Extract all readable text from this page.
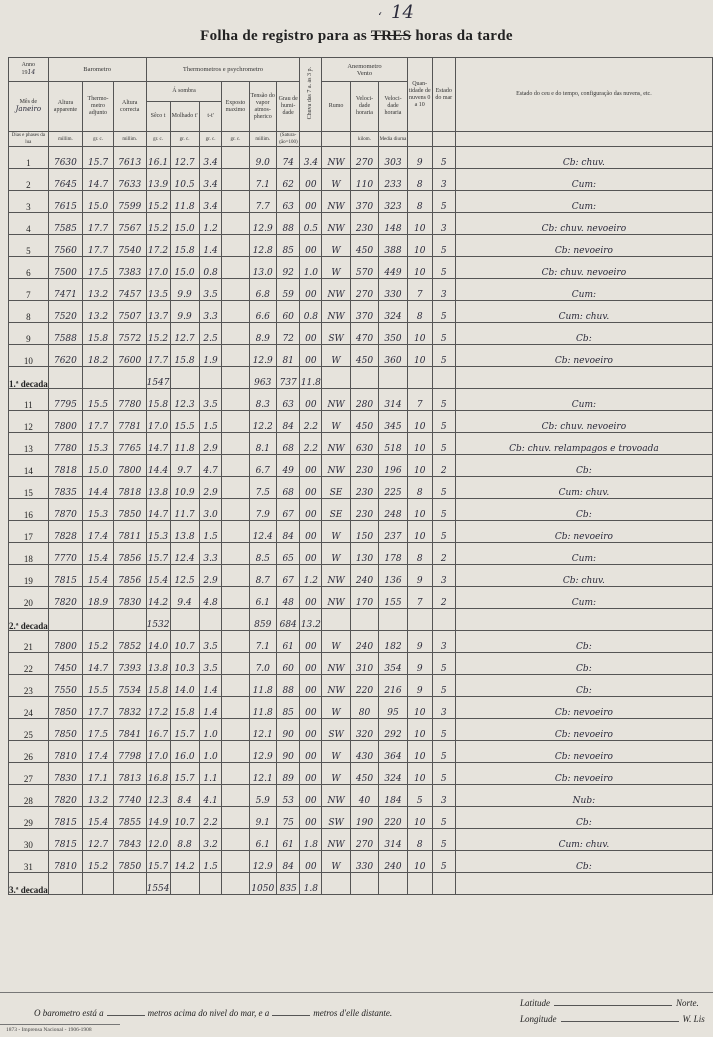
Folha de registro para as TRES horas da tarde
‘ 14
Anno
1914	Barometro			Thermometros e psychrometro						Chuva das 7 a. ás 3 p.	Anemometro
Vento			Quan-tidade de nuvens 0 a 10	Estado do mar	Estado do ceu e do tempo, configuração das nuvens, etc.
Mês de
Janeiro	Altura apparente	Thermo-metro adjunto	Altura correcta	Á sombra			Exposto maximo	Tensão do vapor atmos-pherico	Grau de humi-dade		Rumo	Veloci-dade horaria	Veloci-dade horaria			
				Sêco t	Molhado t'	t-t'										
Dias e phases da lua	millim.	gr. c.	millim.	gr. c.	gr. c.	gr. c.	gr. c.	millim.	(Satura-ção=100)			kilom.	Media diurna			
1	7630	15.7	7613	16.1	12.7	3.4		9.0	74	3.4	NW	270	303	9	5	Cb: chuv.
2	7645	14.7	7633	13.9	10.5	3.4		7.1	62	00	W	110	233	8	3	Cum:
3	7615	15.0	7599	15.2	11.8	3.4		7.7	63	00	NW	370	323	8	5	Cum:
4	7585	17.7	7567	15.2	15.0	1.2		12.9	88	0.5	NW	230	148	10	3	Cb: chuv. nevoeiro
5	7560	17.7	7540	17.2	15.8	1.4		12.8	85	00	W	450	388	10	5	Cb: nevoeiro
6	7500	17.5	7383	17.0	15.0	0.8		13.0	92	1.0	W	570	449	10	5	Cb: chuv. nevoeiro
7	7471	13.2	7457	13.5	9.9	3.5		6.8	59	00	NW	270	330	7	3	Cum:
8	7520	13.2	7507	13.7	9.9	3.3		6.6	60	0.8	NW	370	324	8	5	Cum: chuv.
9	7588	15.8	7572	15.2	12.7	2.5		8.9	72	00	SW	470	350	10	5	Cb:
10	7620	18.2	7600	17.7	15.8	1.9		12.9	81	00	W	450	360	10	5	Cb: nevoeiro
1.ª decada				1547				963	737	11.8						
11	7795	15.5	7780	15.8	12.3	3.5		8.3	63	00	NW	280	314	7	5	Cum:
12	7800	17.7	7781	17.0	15.5	1.5		12.2	84	2.2	W	450	345	10	5	Cb: chuv. nevoeiro
13	7780	15.3	7765	14.7	11.8	2.9		8.1	68	2.2	NW	630	518	10	5	Cb: chuv. relampagos e trovoada
14	7818	15.0	7800	14.4	9.7	4.7		6.7	49	00	NW	230	196	10	2	Cb:
15	7835	14.4	7818	13.8	10.9	2.9		7.5	68	00	SE	230	225	8	5	Cum: chuv.
16	7870	15.3	7850	14.7	11.7	3.0		7.9	67	00	SE	230	248	10	5	Cb:
17	7828	17.4	7811	15.3	13.8	1.5		12.4	84	00	W	150	237	10	5	Cb: nevoeiro
18	7770	15.4	7856	15.7	12.4	3.3		8.5	65	00	W	130	178	8	2	Cum:
19	7815	15.4	7856	15.4	12.5	2.9		8.7	67	1.2	NW	240	136	9	3	Cb: chuv.
20	7820	18.9	7830	14.2	9.4	4.8		6.1	48	00	NW	170	155	7	2	Cum:
2.ª decada				1532				859	684	13.2						
21	7800	15.2	7852	14.0	10.7	3.5		7.1	61	00	W	240	182	9	3	Cb:
22	7450	14.7	7393	13.8	10.3	3.5		7.0	60	00	NW	310	354	9	5	Cb:
23	7550	15.5	7534	15.8	14.0	1.4		11.8	88	00	NW	220	216	9	5	Cb:
24	7850	17.7	7832	17.2	15.8	1.4		11.8	85	00	W	80	95	10	3	Cb: nevoeiro
25	7850	17.5	7841	16.7	15.7	1.0		12.1	90	00	SW	320	292	10	5	Cb: nevoeiro
26	7810	17.4	7798	17.0	16.0	1.0		12.9	90	00	W	430	364	10	5	Cb: nevoeiro
27	7830	17.1	7813	16.8	15.7	1.1		12.1	89	00	W	450	324	10	5	Cb: nevoeiro
28	7820	13.2	7740	12.3	8.4	4.1		5.9	53	00	NW	40	184	5	3	Nub:
29	7815	15.4	7855	14.9	10.7	2.2		9.1	75	00	SW	190	220	10	5	Cb:
30	7815	12.7	7843	12.0	8.8	3.2		6.1	61	1.8	NW	270	314	8	5	Cum: chuv.
31	7810	15.2	7850	15.7	14.2	1.5		12.9	84	00	W	330	240	10	5	Cb:
3.ª decada				1554				1050	835	1.8						
O barometro está a	metros acima do nivel do mar, e a	metros d'elle distante.
Latitude	Norte.
Longitude	W. Lis
1873 - Imprensa Nacional - 1906-1908
